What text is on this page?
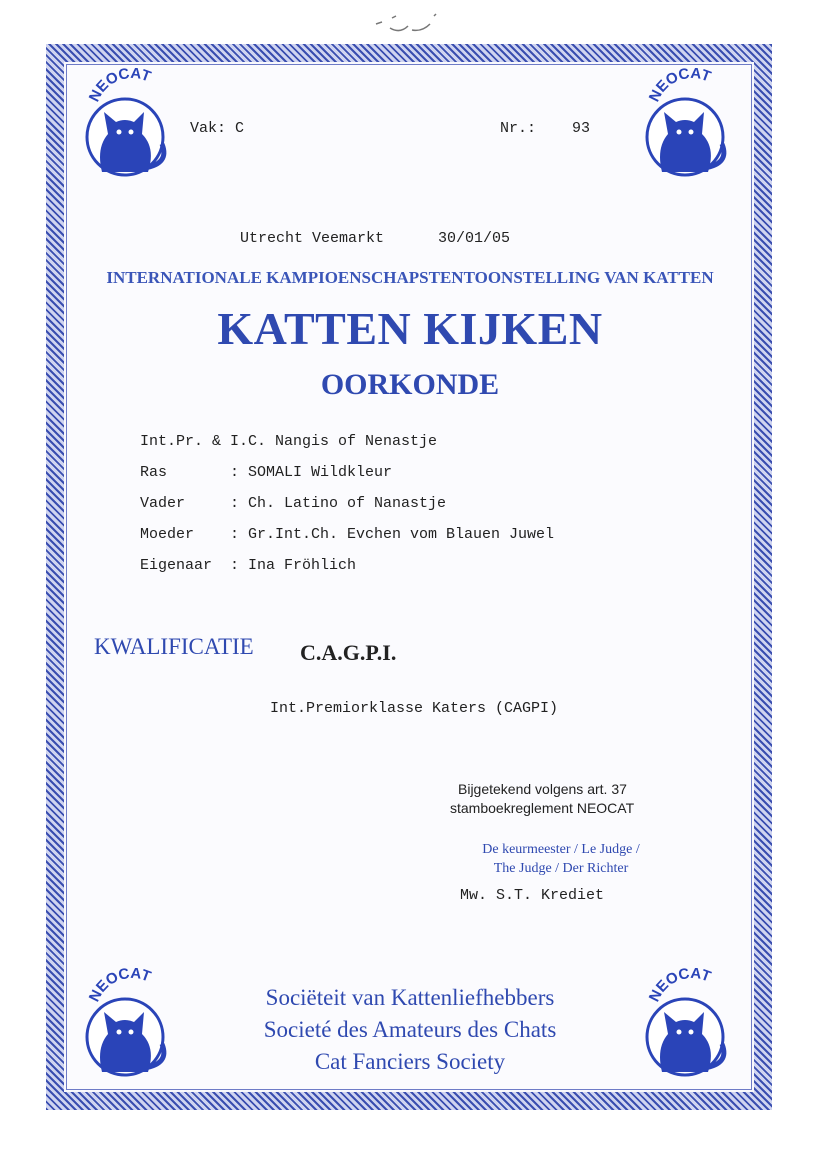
NEOCAT
NEOCAT
NEOCAT
NEOCAT
Vak: C	Nr.: 93
Utrecht Veemarkt	30/01/05
INTERNATIONALE KAMPIOENSCHAPSTENTOONSTELLING VAN KATTEN
KATTEN KIJKEN
OORKONDE
Int.Pr. & I.C. Nangis of Nenastje
Ras	: SOMALI Wildkleur
Vader	: Ch. Latino of Nanastje
Moeder	: Gr.Int.Ch. Evchen vom Blauen Juwel
Eigenaar	: Ina Fröhlich
KWALIFICATIE C.A.G.P.I.
Int.Premiorklasse Katers (CAGPI)
Bijgetekend volgens art. 37
stamboekreglement NEOCAT
De keurmeester / Le Judge /
The Judge / Der Richter
Mw. S.T. Krediet
Sociëteit van Kattenliefhebbers
Societé des Amateurs des Chats
Cat Fanciers Society
